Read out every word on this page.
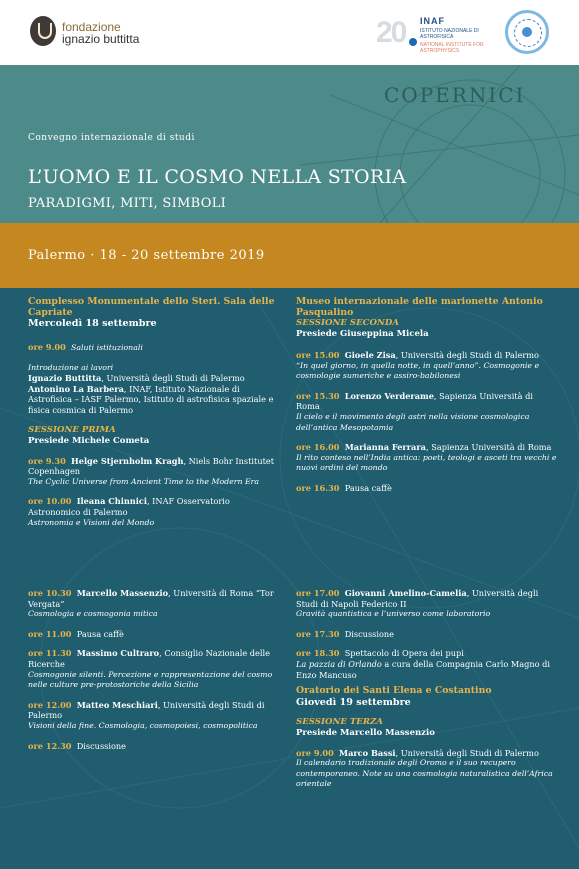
fondazione
ignazio buttitta	20 INAF
ISTITUTO NAZIONALE DI ASTROFISICA
NATIONAL INSTITUTE FOR ASTROPHYSICS
COPERNICI
Convegno internazionale di studi
L’UOMO E IL COSMO NELLA STORIA
PARADIGMI, MITI, SIMBOLI
Palermo · 18 - 20 settembre 2019

Complesso Monumentale dello Steri. Sala delle Capriate

Mercoledì 18 settembre

ore 9.00 Saluti istituzionali

Introduzione ai lavori

Ignazio Buttitta, Università degli Studi di Palermo

Antonino La Barbera, INAF, Istituto Nazionale di Astrofisica – IASF Palermo, Istituto di astrofisica spaziale e fisica cosmica di Palermo

SESSIONE PRIMA

Presiede Michele Cometa

ore 9.30 Helge Stjernholm Kragh, Niels Bohr Institutet Copenhagen

The Cyclic Universe from Ancient Time to the Modern Era

ore 10.00 Ileana Chinnici, INAF Osservatorio Astronomico di Palermo

Astronomia e Visioni del Mondo

ore 10.30 Marcello Massenzio, Università di Roma “Tor Vergata”

Cosmologia e cosmogonia mitica

ore 11.00 Pausa caffè

ore 11.30 Massimo Cultraro, Consiglio Nazionale delle Ricerche

Cosmogonie silenti. Percezione e rappresentazione del cosmo nelle culture pre-protostoriche della Sicilia

ore 12.00 Matteo Meschiari, Università degli Studi di Palermo

Visioni della fine. Cosmologia, cosmopoiesi, cosmopolitica

ore 12.30 Discussione

Museo internazionale delle marionette Antonio Pasqualino

SESSIONE SECONDA

Presiede Giuseppina Micela

ore 15.00 Gioele Zisa, Università degli Studi di Palermo

“In quel giorno, in quella notte, in quell’anno”. Cosmogonie e cosmologie sumeriche e assiro-babilonesi

ore 15.30 Lorenzo Verderame, Sapienza Università di Roma

Il cielo e il movimento degli astri nella visione cosmologica dell’antica Mesopotamia

ore 16.00 Marianna Ferrara, Sapienza Università di Roma

Il rito conteso nell’India antica: poeti, teologi e asceti tra vecchi e nuovi ordini del mondo

ore 16.30 Pausa caffè

ore 17.00 Giovanni Amelino-Camelia, Università degli Studi di Napoli Federico II

Gravità quantistica e l’universo come laboratorio

ore 17.30 Discussione

ore 18.30 Spettacolo di Opera dei pupi

La pazzia di Orlando a cura della Compagnia Carlo Magno di Enzo Mancuso

Oratorio dei Santi Elena e Costantino

Giovedì 19 settembre

SESSIONE TERZA

Presiede Marcello Massenzio

ore 9.00 Marco Bassi, Università degli Studi di Palermo

Il calendario tradizionale degli Oromo e il suo recupero contemporaneo. Note su una cosmologia naturalistica dell’Africa orientale
